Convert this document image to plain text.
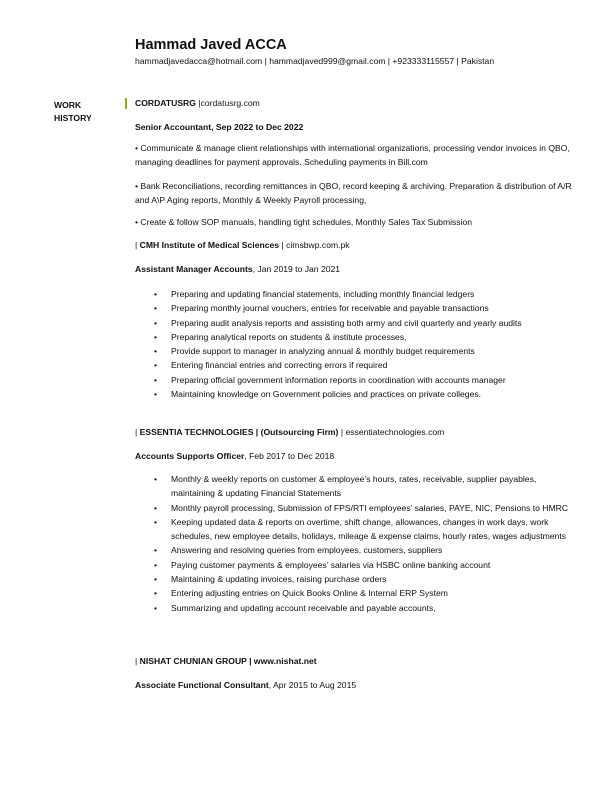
Hammad Javed ACCA
hammadjavedacca@hotmail.com | hammadjaved999@gmail.com | +923333115557 | Pakistan
WORK
HISTORY
CORDATUSRG |cordatusrg.com
Senior Accountant, Sep 2022 to Dec 2022
• Communicate & manage client relationships with international organizations, processing vendor invoices in QBO, managing deadlines for payment approvals. Scheduling payments in Bill.com
• Bank Reconciliations, recording remittances in QBO, record keeping & archiving. Preparation & distribution of A/R and A\P Aging reports, Monthly & Weekly Payroll processing,
• Create & follow SOP manuals, handling tight schedules, Monthly Sales Tax Submission
| CMH Institute of Medical Sciences | cimsbwp.com.pk
Assistant Manager Accounts, Jan 2019 to Jan 2021
• Preparing and updating financial statements, including monthly financial ledgers
• Preparing monthly journal vouchers, entries for receivable and payable transactions
• Preparing audit analysis reports and assisting both army and civil quarterly and yearly audits
• Preparing analytical reports on students & institute processes,
• Provide support to manager in analyzing annual & monthly budget requirements
• Entering financial entries and correcting errors if required
• Preparing official government information reports in coordination with accounts manager
• Maintaining knowledge on Government policies and practices on private colleges.
| ESSENTIA TECHNOLOGIES | (Outsourcing Firm) | essentiatechnologies.com
Accounts Supports Officer, Feb 2017 to Dec 2018
• Monthly & weekly reports on customer & employee’s hours, rates, receivable, supplier payables, maintaining & updating Financial Statements
• Monthly payroll processing, Submission of FPS/RTI employees’ salaries, PAYE, NIC, Pensions to HMRC
• Keeping updated data & reports on overtime, shift change, allowances, changes in work days, work schedules, new employee details, holidays, mileage & expense claims, hourly rates, wages adjustments
• Answering and resolving queries from employees, customers, suppliers
• Paying customer payments & employees’ salaries via HSBC online banking account
• Maintaining & updating invoices, raising purchase orders
• Entering adjusting entries on Quick Books Online & Internal ERP System
• Summarizing and updating account receivable and payable accounts,
| NISHAT CHUNIAN GROUP | www.nishat.net
Associate Functional Consultant, Apr 2015 to Aug 2015
